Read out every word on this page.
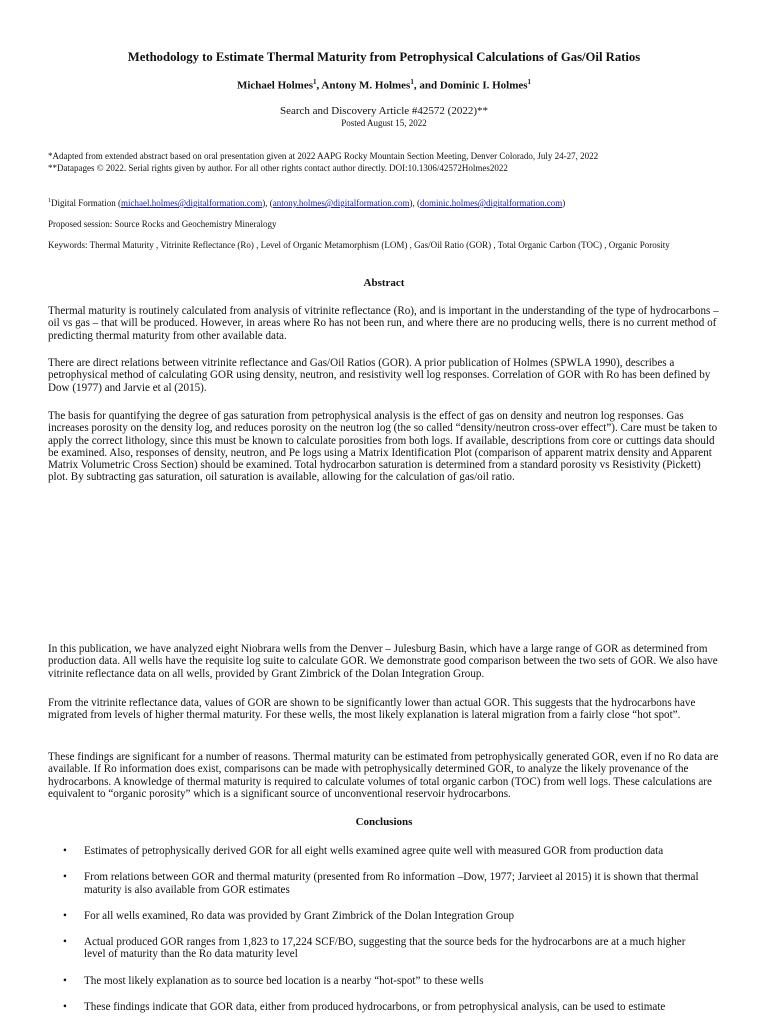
Methodology to Estimate Thermal Maturity from Petrophysical Calculations of Gas/Oil Ratios
Michael Holmes$^1$, Antony M. Holmes$^1$, and Dominic I. Holmes$^1$
Search and Discovery Article #42572 (2022)**
Posted August 15, 2022

*Adapted from extended abstract based on oral presentation given at 2022 AAPG Rocky Mountain Section Meeting, Denver Colorado, July 24-27, 2022

**Datapages © 2022. Serial rights given by author. For all other rights contact author directly. DOI:10.1306/42572Holmes2022

$^1$Digital Formation (michael.holmes@digitalformation.com), (antony.holmes@digitalformation.com), (dominic.holmes@digitalformation.com)

Proposed session: Source Rocks and Geochemistry Mineralogy

Keywords: Thermal Maturity , Vitrinite Reflectance (Ro) , Level of Organic Metamorphism (LOM) , Gas/Oil Ratio (GOR) , Total Organic Carbon (TOC) , Organic Porosity

Abstract

Thermal maturity is routinely calculated from analysis of vitrinite reflectance (Ro), and is important in the understanding of the type of hydrocarbons – oil vs gas – that will be produced. However, in areas where Ro has not been run, and where there are no producing wells, there is no current method of predicting thermal maturity from other available data.

There are direct relations between vitrinite reflectance and Gas/Oil Ratios (GOR). A prior publication of Holmes (SPWLA 1990), describes a petrophysical method of calculating GOR using density, neutron, and resistivity well log responses. Correlation of GOR with Ro has been defined by Dow (1977) and Jarvie et al (2015).

The basis for quantifying the degree of gas saturation from petrophysical analysis is the effect of gas on density and neutron log responses. Gas increases porosity on the density log, and reduces porosity on the neutron log (the so called “density/neutron cross-over effect”). Care must be taken to apply the correct lithology, since this must be known to calculate porosities from both logs. If available, descriptions from core or cuttings data should be examined. Also, responses of density, neutron, and Pe logs using a Matrix Identification Plot (comparison of apparent matrix density and Apparent Matrix Volumetric Cross Section) should be examined. Total hydrocarbon saturation is determined from a standard porosity vs Resistivity (Pickett) plot. By subtracting gas saturation, oil saturation is available, allowing for the calculation of gas/oil ratio.

In this publication, we have analyzed eight Niobrara wells from the Denver – Julesburg Basin, which have a large range of GOR as determined from production data. All wells have the requisite log suite to calculate GOR. We demonstrate good comparison between the two sets of GOR. We also have vitrinite reflectance data on all wells, provided by Grant Zimbrick of the Dolan Integration Group.

From the vitrinite reflectance data, values of GOR are shown to be significantly lower than actual GOR. This suggests that the hydrocarbons have migrated from levels of higher thermal maturity. For these wells, the most likely explanation is lateral migration from a fairly close “hot spot”.

These findings are significant for a number of reasons. Thermal maturity can be estimated from petrophysically generated GOR, even if no Ro data are available. If Ro information does exist, comparisons can be made with petrophysically determined GOR, to analyze the likely provenance of the hydrocarbons. A knowledge of thermal maturity is required to calculate volumes of total organic carbon (TOC) from well logs. These calculations are equivalent to “organic porosity” which is a significant source of unconventional reservoir hydrocarbons.

Conclusions
• Estimates of petrophysically derived GOR for all eight wells examined agree quite well with measured GOR from production data
• From relations between GOR and thermal maturity (presented from Ro information –Dow, 1977; Jarvieet al 2015) it is shown that thermal maturity is also available from GOR estimates
• For all wells examined, Ro data was provided by Grant Zimbrick of the Dolan Integration Group
• Actual produced GOR ranges from 1,823 to 17,224 SCF/BO, suggesting that the source beds for the hydrocarbons are at a much higher level of maturity than the Ro data maturity level
• The most likely explanation as to source bed location is a nearby “hot-spot” to these wells
• These findings indicate that GOR data, either from produced hydrocarbons, or from petrophysical analysis, can be used to estimate
